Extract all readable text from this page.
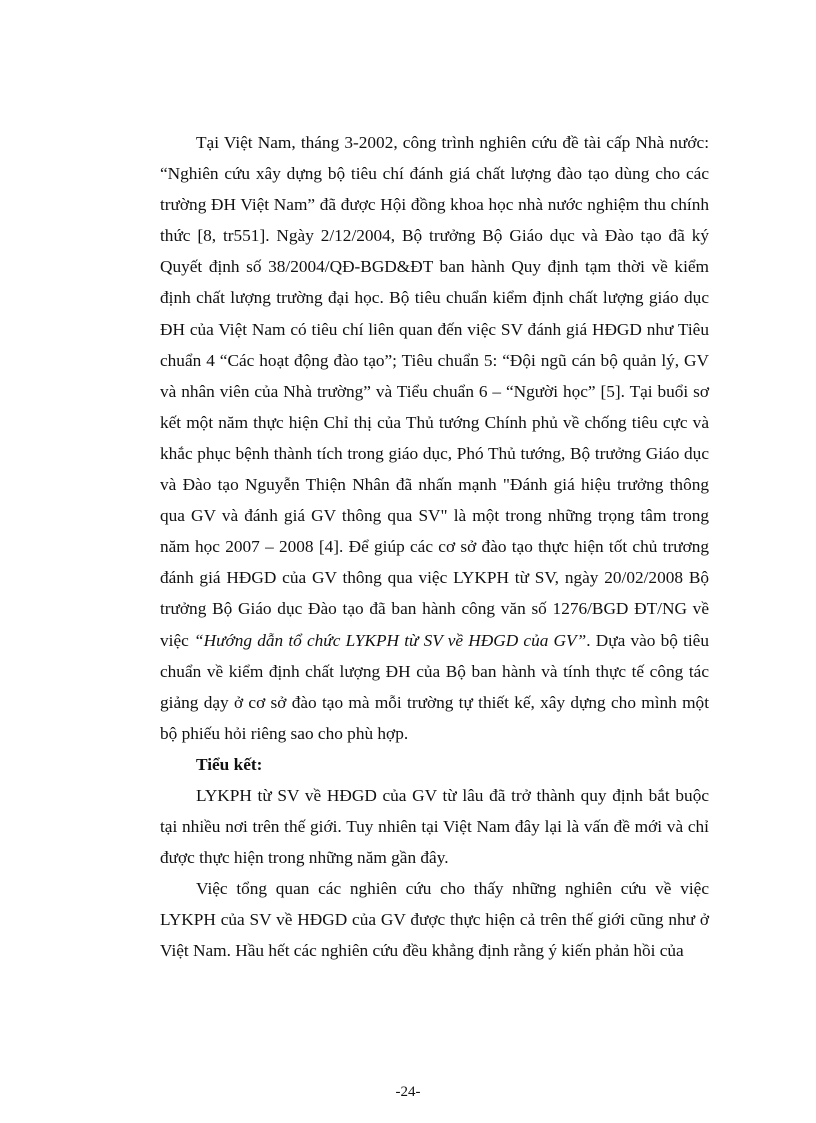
Tại Việt Nam, tháng 3-2002, công trình nghiên cứu đề tài cấp Nhà nước: “Nghiên cứu xây dựng bộ tiêu chí đánh giá chất lượng đào tạo dùng cho các trường ĐH Việt Nam” đã được Hội đồng khoa học nhà nước nghiệm thu chính thức [8, tr551]. Ngày 2/12/2004, Bộ trưởng Bộ Giáo dục và Đào tạo đã ký Quyết định số 38/2004/QĐ-BGD&ĐT ban hành Quy định tạm thời về kiểm định chất lượng trường đại học. Bộ tiêu chuẩn kiểm định chất lượng giáo dục ĐH của Việt Nam có tiêu chí liên quan đến việc SV đánh giá HĐGD như Tiêu chuẩn 4 “Các hoạt động đào tạo”; Tiêu chuẩn 5: “Đội ngũ cán bộ quản lý, GV và nhân viên của Nhà trường” và Tiểu chuẩn 6 – “Người học” [5]. Tại buổi sơ kết một năm thực hiện Chỉ thị của Thủ tướng Chính phủ về chống tiêu cực và khắc phục bệnh thành tích trong giáo dục, Phó Thủ tướng, Bộ trưởng Giáo dục và Đào tạo Nguyễn Thiện Nhân đã nhấn mạnh "Đánh giá hiệu trưởng thông qua GV và đánh giá GV thông qua SV" là một trong những trọng tâm trong năm học 2007 – 2008 [4]. Để giúp các cơ sở đào tạo thực hiện tốt chủ trương đánh giá HĐGD của GV thông qua việc LYKPH từ SV, ngày 20/02/2008 Bộ trưởng Bộ Giáo dục Đào tạo đã ban hành công văn số 1276/BGD ĐT/NG về việc “Hướng dẫn tổ chức LYKPH từ SV về HĐGD của GV”. Dựa vào bộ tiêu chuẩn về kiểm định chất lượng ĐH của Bộ ban hành và tính thực tế công tác giảng dạy ở cơ sở đào tạo mà mỗi trường tự thiết kế, xây dựng cho mình một bộ phiếu hỏi riêng sao cho phù hợp.

Tiểu kết:

LYKPH từ SV về HĐGD của GV từ lâu đã trở thành quy định bắt buộc tại nhiều nơi trên thế giới. Tuy nhiên tại Việt Nam đây lại là vấn đề mới và chỉ được thực hiện trong những năm gần đây.

Việc tổng quan các nghiên cứu cho thấy những nghiên cứu về việc LYKPH của SV về HĐGD của GV được thực hiện cả trên thế giới cũng như ở Việt Nam. Hầu hết các nghiên cứu đều khẳng định rằng ý kiến phản hồi của

-24-
